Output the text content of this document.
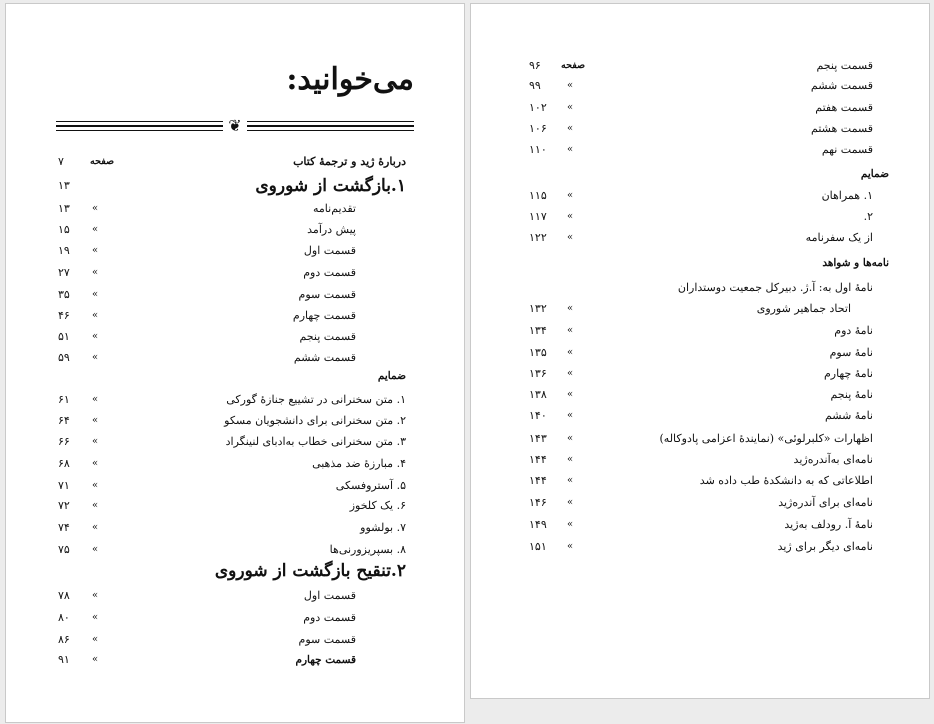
می‌خوانید:
❦
دربارهٔ ژید و ترجمهٔ کتاب
صفحه
۷
۱.بازگشت از شوروی
۱۳
تقدیم‌نامه
«
۱۳
پیش درآمد
«
۱۵
قسمت اول
«
۱۹
قسمت دوم
«
۲۷
قسمت سوم
«
۳۵
قسمت چهارم
«
۴۶
قسمت پنجم
«
۵۱
قسمت ششم
«
۵۹
ضمایم
۱. متن سخنرانی در تشییع جنازهٔ گورکی
«
۶۱
۲. متن سخنرانی برای دانشجویان مسکو
«
۶۴
۳. متن سخنرانی خطاب به‌ادبای لنینگراد
«
۶۶
۴. مبارزهٔ ضد مذهبی
«
۶۸
۵. آستروفسکی
«
۷۱
۶. یک کلخوز
«
۷۲
۷. بولشوو
«
۷۴
۸. بسپریزورنی‌ها
«
۷۵
۲.تنقیح بازگشت از شوروی
قسمت اول
«
۷۸
قسمت دوم
«
۸۰
قسمت سوم
«
۸۶
قسمت چهارم
«
۹۱
قسمت پنجم
صفحه
۹۶
قسمت ششم
«
۹۹
قسمت هفتم
«
۱۰۲
قسمت هشتم
«
۱۰۶
قسمت نهم
«
۱۱۰
ضمایم
۱. همراهان
«
۱۱۵
۲.
«
۱۱۷
از یک سفرنامه
«
۱۲۲
نامه‌ها و شواهد
نامهٔ اول به: آ.ژ. دبیرکل جمعیت دوستداران
اتحاد جماهیر شوروی
«
۱۳۲
نامهٔ دوم
«
۱۳۴
نامهٔ سوم
«
۱۳۵
نامهٔ چهارم
«
۱۳۶
نامهٔ پنجم
«
۱۳۸
نامهٔ ششم
«
۱۴۰
اظهارات «کلبرلوئی» (نمایندهٔ اعزامی پادوکاله)
«
۱۴۳
نامه‌ای به‌آندره‌ژید
«
۱۴۴
اطلاعاتی که به دانشکدهٔ طب داده شد
«
۱۴۴
نامه‌ای برای آندره‌ژید
«
۱۴۶
نامهٔ آ. رودلف به‌ژید
«
۱۴۹
نامه‌ای دیگر برای ژید
«
۱۵۱
